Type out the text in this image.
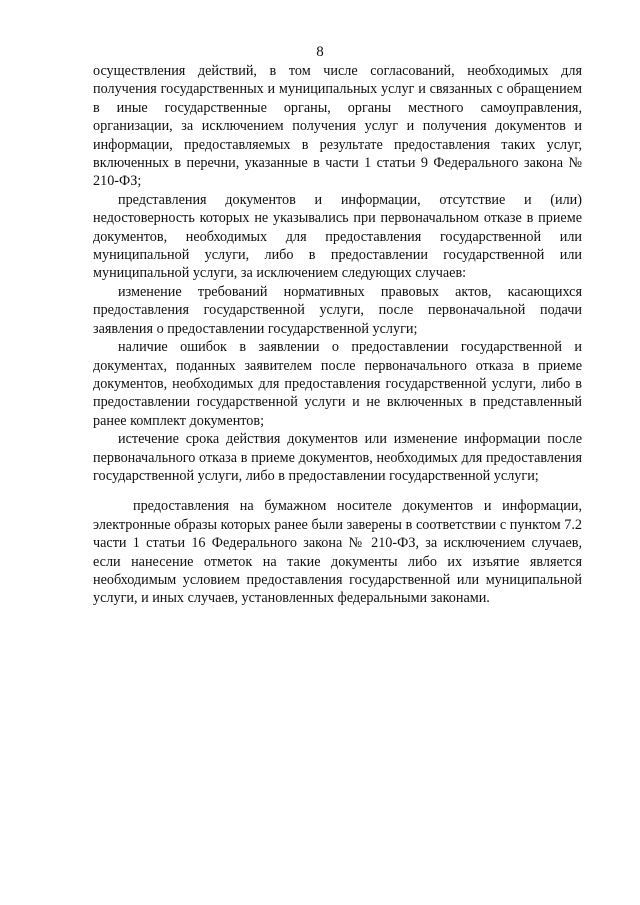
8

осуществления действий, в том числе согласований, необходимых для получения государственных и муниципальных услуг и связанных с обращением в иные государственные органы, органы местного самоуправления, организации, за исключением получения услуг и получения документов и информации, предоставляемых в результате предоставления таких услуг, включенных в перечни, указанные в части 1 статьи 9 Федерального закона № 210-ФЗ;

представления документов и информации, отсутствие и (или) недостоверность которых не указывались при первоначальном отказе в приеме документов, необходимых для предоставления государственной или муниципальной услуги, либо в предоставлении государственной или муниципальной услуги, за исключением следующих случаев:

изменение требований нормативных правовых актов, касающихся предоставления государственной услуги, после первоначальной подачи заявления о предоставлении государственной услуги;

наличие ошибок в заявлении о предоставлении государственной и документах, поданных заявителем после первоначального отказа в приеме документов, необходимых для предоставления государственной услуги, либо в предоставлении государственной услуги и не включенных в представленный ранее комплект документов;

истечение срока действия документов или изменение информации после первоначального отказа в приеме документов, необходимых для предоставления государственной услуги, либо в предоставлении государственной услуги;

предоставления на бумажном носителе документов и информации, электронные образы которых ранее были заверены в соответствии с пунктом 7.2 части 1 статьи 16 Федерального закона № 210-ФЗ, за исключением случаев, если нанесение отметок на такие документы либо их изъятие является необходимым условием предоставления государственной или муниципальной услуги, и иных случаев, установленных федеральными законами.
